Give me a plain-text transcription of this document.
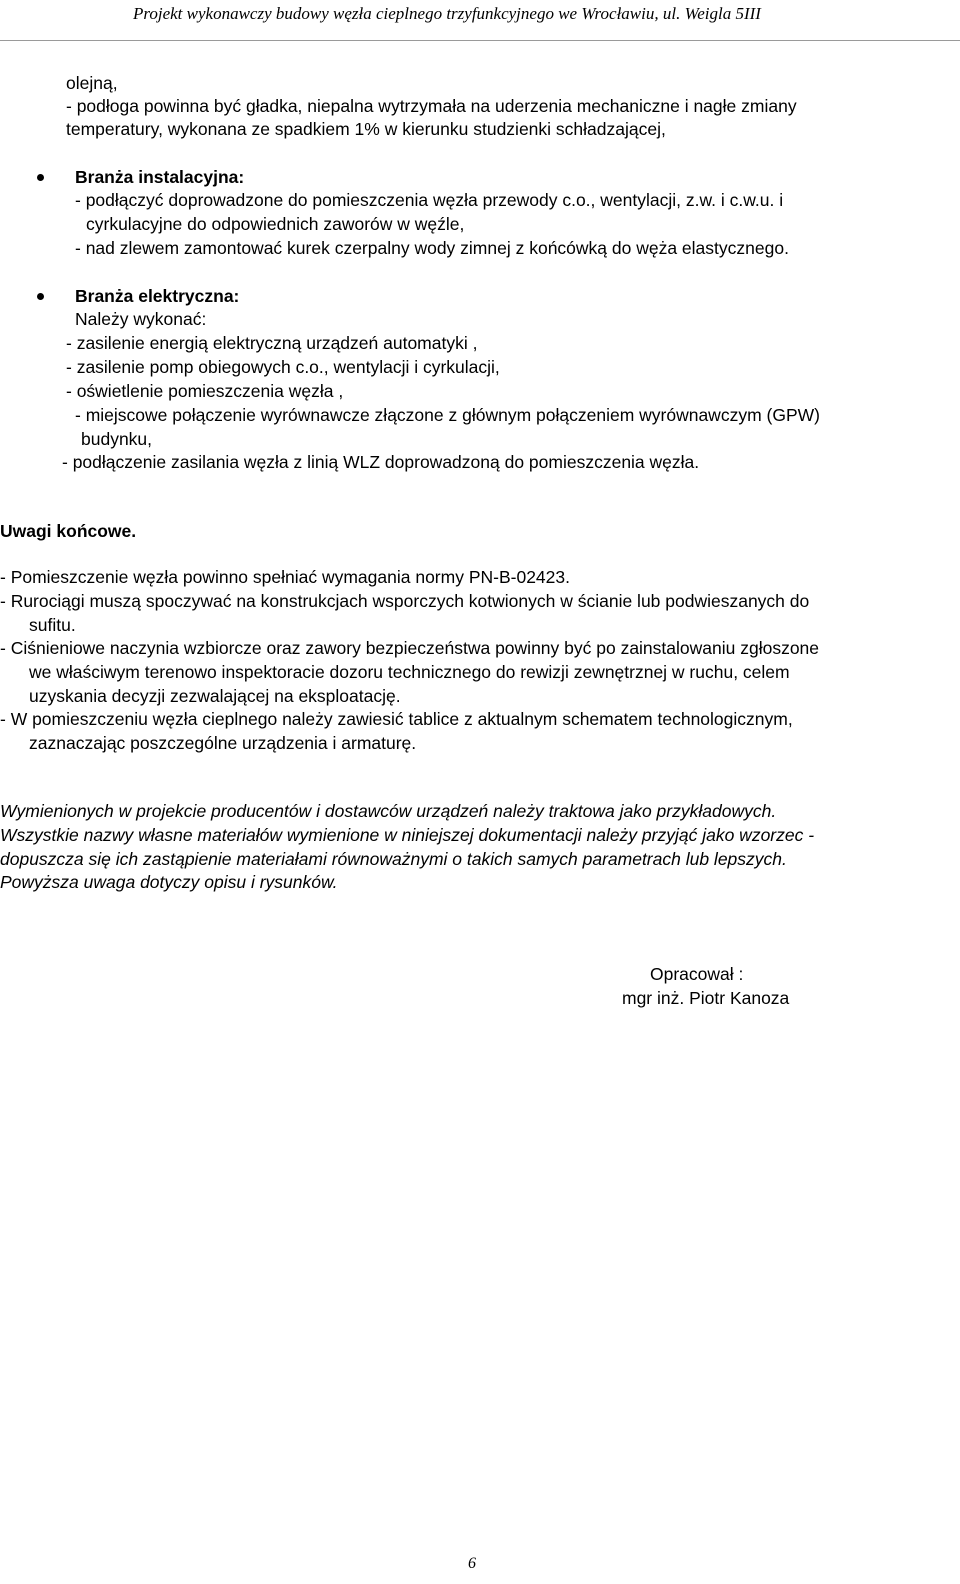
Projekt wykonawczy budowy węzła cieplnego trzyfunkcyjnego we Wrocławiu, ul. Weigla 5III
olejną,
- podłoga powinna być gładka, niepalna wytrzymała na uderzenia mechaniczne i nagłe zmiany
temperatury, wykonana ze spadkiem 1% w kierunku studzienki schładzającej,
Branża instalacyjna:
- podłączyć doprowadzone do pomieszczenia węzła przewody c.o., wentylacji, z.w. i c.w.u. i
cyrkulacyjne do odpowiednich zaworów w węźle,
- nad zlewem zamontować kurek czerpalny wody zimnej z końcówką do węża elastycznego.
Branża elektryczna:
Należy wykonać:
- zasilenie energią elektryczną urządzeń automatyki ,
- zasilenie pomp obiegowych c.o., wentylacji i cyrkulacji,
- oświetlenie pomieszczenia węzła ,
- miejscowe połączenie wyrównawcze złączone z głównym połączeniem wyrównawczym (GPW)
budynku,
- podłączenie zasilania węzła z linią WLZ doprowadzoną do pomieszczenia węzła.
Uwagi końcowe.
- Pomieszczenie węzła powinno spełniać wymagania normy PN-B-02423.
- Rurociągi muszą spoczywać na konstrukcjach wsporczych kotwionych w ścianie lub podwieszanych do
sufitu.
- Ciśnieniowe naczynia wzbiorcze oraz zawory bezpieczeństwa powinny być po zainstalowaniu zgłoszone
we właściwym terenowo inspektoracie dozoru technicznego do rewizji zewnętrznej w ruchu, celem
uzyskania decyzji zezwalającej na eksploatację.
- W pomieszczeniu węzła cieplnego należy zawiesić tablice z aktualnym schematem technologicznym,
zaznaczając poszczególne urządzenia i armaturę.
Wymienionych w projekcie producentów i dostawców urządzeń należy traktowa jako przykładowych.
Wszystkie nazwy własne materiałów wymienione w niniejszej dokumentacji należy przyjąć jako wzorzec -
dopuszcza się ich zastąpienie materiałami równoważnymi o takich samych parametrach lub lepszych.
Powyższa uwaga dotyczy opisu i rysunków.
Opracował :
mgr inż. Piotr Kanoza
6
